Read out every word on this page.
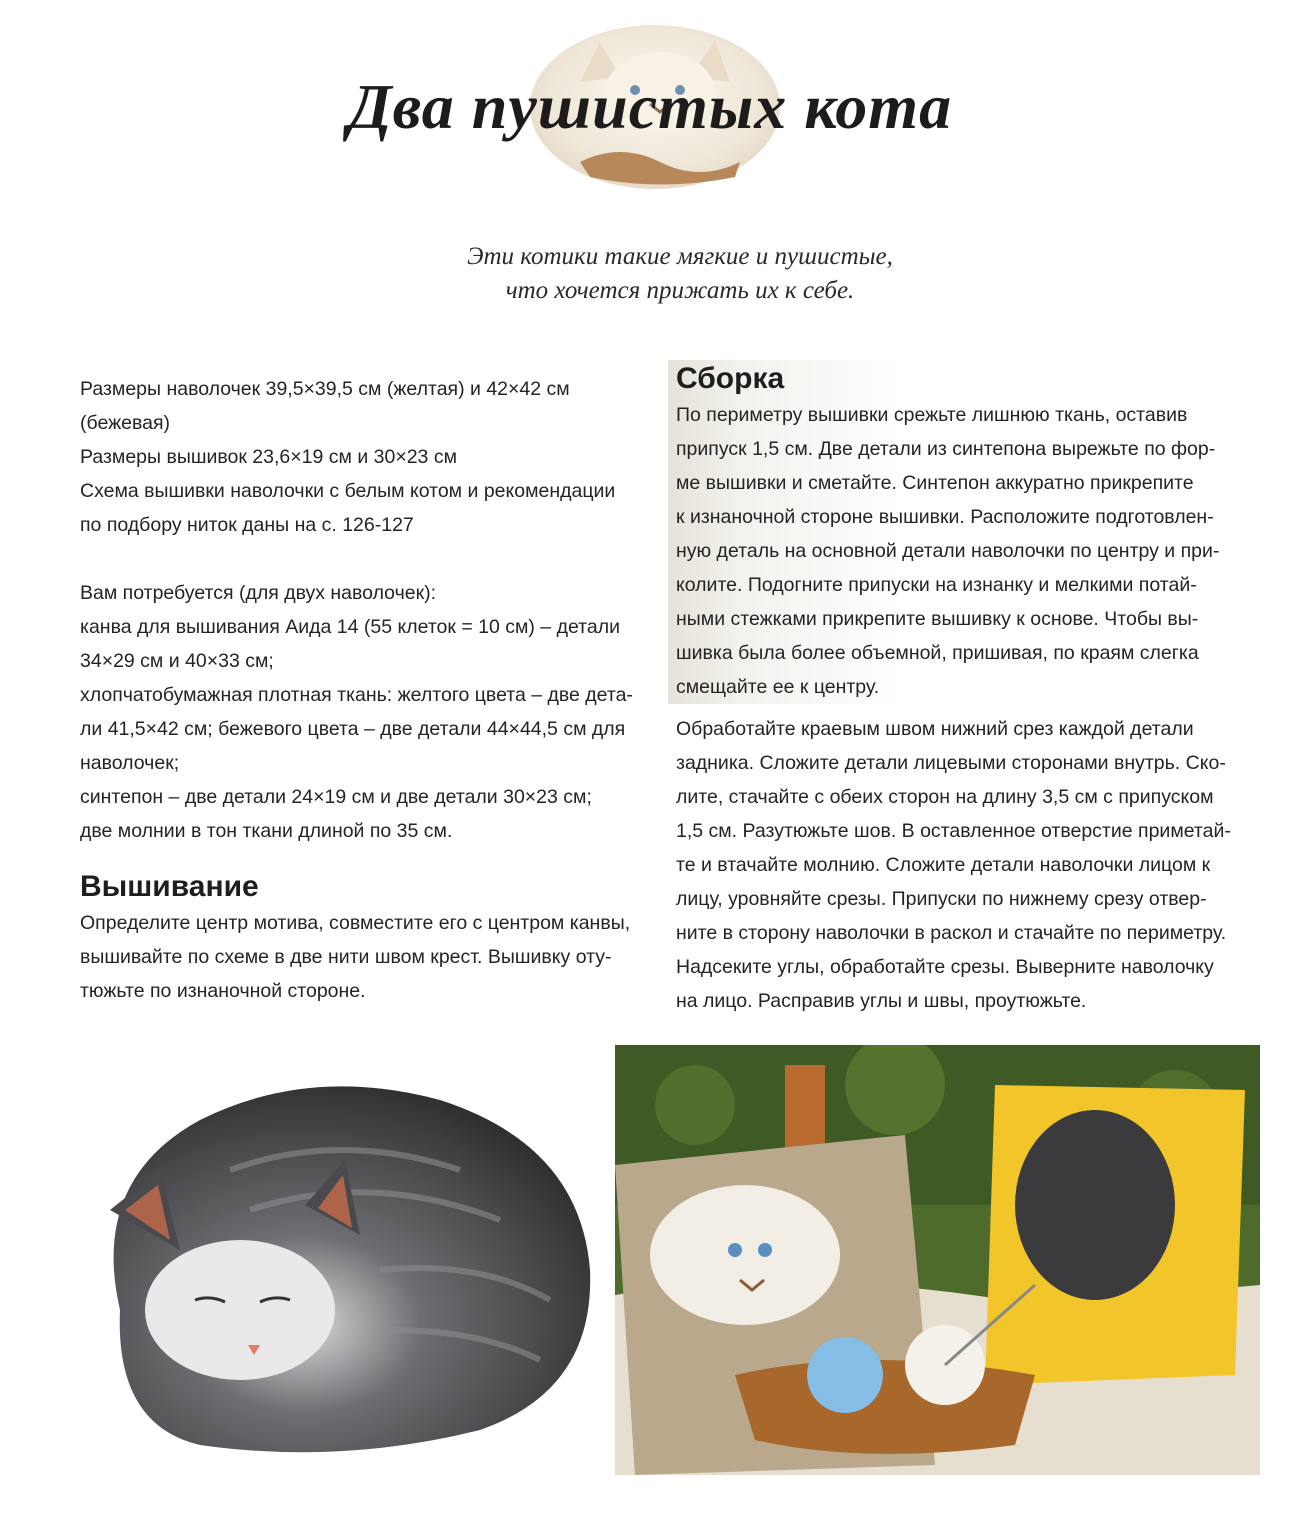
Два пушистых кота
Эти котики такие мягкие и пушистые,
что хочется прижать их к себе.

Размеры наволочек 39,5×39,5 см (желтая) и 42×42 см

(бежевая)

Размеры вышивок 23,6×19 см и 30×23 см

Схема вышивки наволочки с белым котом и рекомендации

по подбору ниток даны на с. 126-127

Вам потребуется (для двух наволочек):

канва для вышивания Аида 14 (55 клеток = 10 см) – детали

34×29 см и 40×33 см;

хлопчатобумажная плотная ткань: желтого цвета – две дета-

ли 41,5×42 см; бежевого цвета – две детали 44×44,5 см для

наволочек;

синтепон – две детали 24×19 см и две детали 30×23 см;

две молнии в тон ткани длиной по 35 см.

Вышивание

Определите центр мотива, совместите его с центром канвы,

вышивайте по схеме в две нити швом крест. Вышивку оту-

тюжьте по изнаночной стороне.

Сборка

По периметру вышивки срежьте лишнюю ткань, оставив

припуск 1,5 см. Две детали из синтепона вырежьте по фор-

ме вышивки и сметайте. Синтепон аккуратно прикрепите

к изнаночной стороне вышивки. Расположите подготовлен-

ную деталь на основной детали наволочки по центру и при-

колите. Подогните припуски на изнанку и мелкими потай-

ными стежками прикрепите вышивку к основе. Чтобы вы-

шивка была более объемной, пришивая, по краям слегка

смещайте ее к центру.

Обработайте краевым швом нижний срез каждой детали

задника. Сложите детали лицевыми сторонами внутрь. Ско-

лите, стачайте с обеих сторон на длину 3,5 см с припуском

1,5 см. Разутюжьте шов. В оставленное отверстие приметай-

те и втачайте молнию. Сложите детали наволочки лицом к

лицу, уровняйте срезы. Припуски по нижнему срезу отвер-

ните в сторону наволочки в раскол и стачайте по периметру.

Надсеките углы, обработайте срезы. Выверните наволочку

на лицо. Расправив углы и швы, проутюжьте.
